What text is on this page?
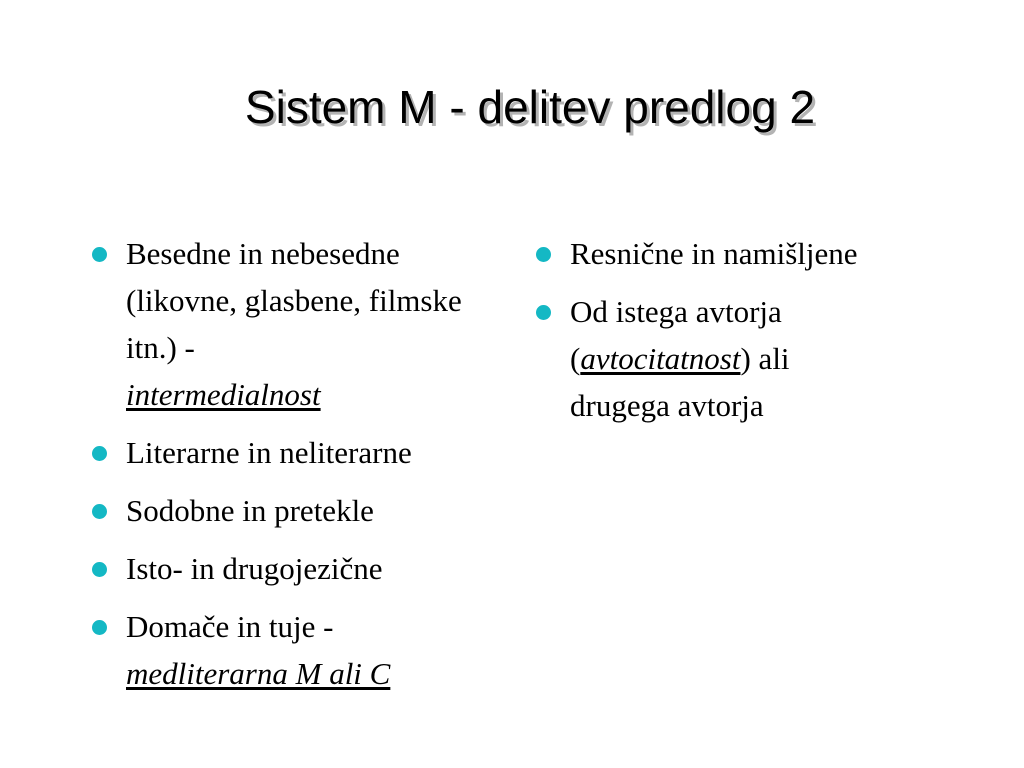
Sistem M - delitev predlog 2
Besedne in nebesedne (likovne, glasbene, filmske itn.) -
intermedialnost
Literarne in neliterarne
Sodobne in pretekle
Isto- in drugojezične
Domače in tuje -
medliterarna M ali C
Resnične in namišljene
Od istega avtorja (avtocitatnost) ali drugega avtorja
